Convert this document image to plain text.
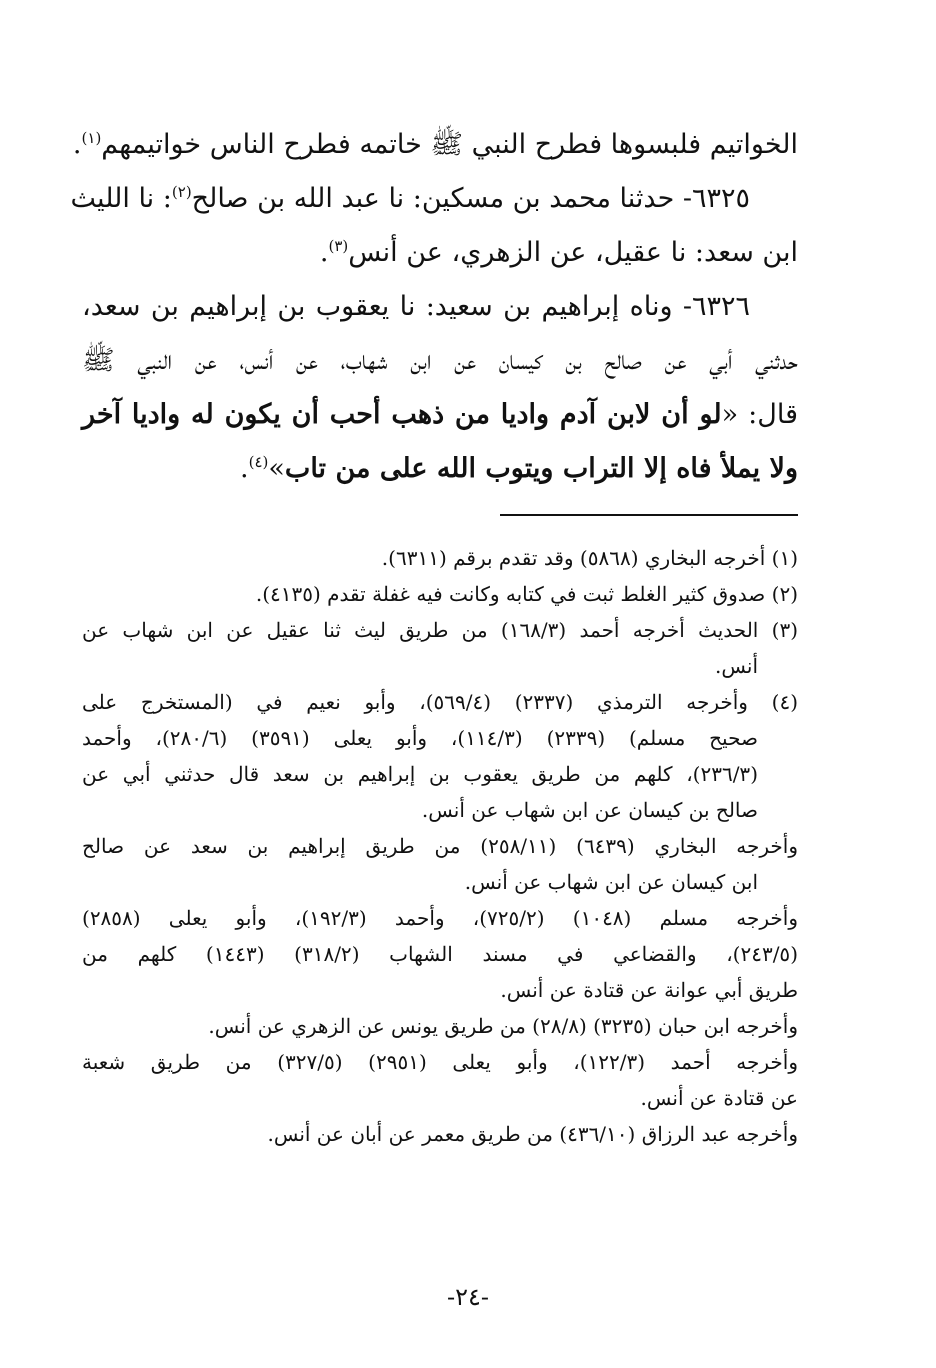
الخواتيم فلبسوها فطرح النبي ﷺ خاتمه فطرح الناس خواتيمهم$^{(١)}$.
٦٣٢٥- حدثنا محمد بن مسكين: نا عبد الله بن صالح$^{(٢)}$: نا الليث
ابن سعد: نا عقيل، عن الزهري، عن أنس$^{(٣)}$.
٦٣٢٦- وناه إبراهيم بن سعيد: نا يعقوب بن إبراهيم بن سعد،
حدثني أبي عن صالح بن كيسان عن ابن شهاب، عن أنس، عن النبي ﷺ
قال: «لو أن لابن آدم واديا من ذهب أحب أن يكون له واديا آخر
ولا يملأ فاه إلا التراب ويتوب الله على من تاب»$^{(٤)}$.
(١) أخرجه البخاري (٥٨٦٨) وقد تقدم برقم (٦٣١١).
(٢) صدوق كثير الغلط ثبت في كتابه وكانت فيه غفلة تقدم (٤١٣٥).
(٣) الحديث أخرجه أحمد (١٦٨/٣) من طريق ليث ثنا عقيل عن ابن شهاب عن
أنس.
(٤) وأخرجه الترمذي (٢٣٣٧) (٥٦٩/٤)، وأبو نعيم في (المستخرج على
صحيح مسلم) (٢٣٣٩) (١١٤/٣)، وأبو يعلى (٣٥٩١) (٢٨٠/٦)، وأحمد
(٢٣٦/٣)، كلهم من طريق يعقوب بن إبراهيم بن سعد قال حدثني أبي عن
صالح بن كيسان عن ابن شهاب عن أنس.
وأخرجه البخاري (٦٤٣٩) (٢٥٨/١١) من طريق إبراهيم بن سعد عن صالح
ابن كيسان عن ابن شهاب عن أنس.
وأخرجه مسلم (١٠٤٨) (٧٢٥/٢)، وأحمد (١٩٢/٣)، وأبو يعلى (٢٨٥٨)
(٢٤٣/٥)، والقضاعي في مسند الشهاب (٣١٨/٢) (١٤٤٣) كلهم من
طريق أبي عوانة عن قتادة عن أنس.
وأخرجه ابن حبان (٣٢٣٥) (٢٨/٨) من طريق يونس عن الزهري عن أنس.
وأخرجه أحمد (١٢٢/٣)، وأبو يعلى (٢٩٥١) (٣٢٧/٥) من طريق شعبة
عن قتادة عن أنس.
وأخرجه عبد الرزاق (٤٣٦/١٠) من طريق معمر عن أبان عن أنس.
-٢٤-
